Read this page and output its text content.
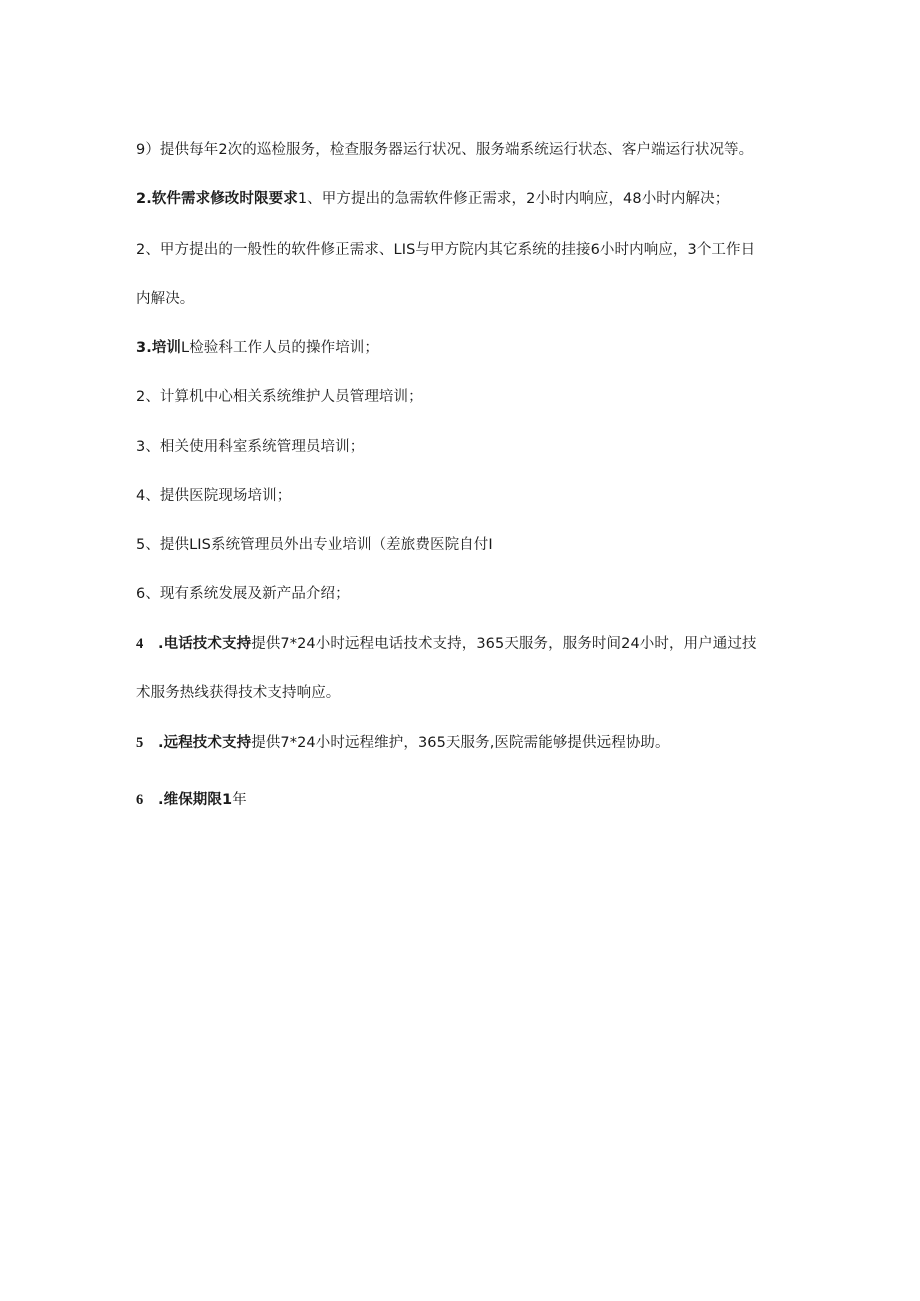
9）提供每年2次的巡检服务，检查服务器运行状况、服务端系统运行状态、客户端运行状况等。
2.软件需求修改时限要求1、甲方提出的急需软件修正需求，2小时内响应，48小时内解决；
2、甲方提出的一般性的软件修正需求、LIS与甲方院内其它系统的挂接6小时内响应，3个工作日
内解决。
3.培训L检验科工作人员的操作培训；
2、计算机中心相关系统维护人员管理培训；
3、相关使用科室系统管理员培训；
4、提供医院现场培训；
5、提供LIS系统管理员外出专业培训（差旅费医院自付I
6、现有系统发展及新产品介绍；
4 .电话技术支持提供7*24小时远程电话技术支持，365天服务，服务时间24小时，用户通过技
术服务热线获得技术支持响应。
5 .远程技术支持提供7*24小时远程维护，365天服务,医院需能够提供远程协助。
6 .维保期限1年
